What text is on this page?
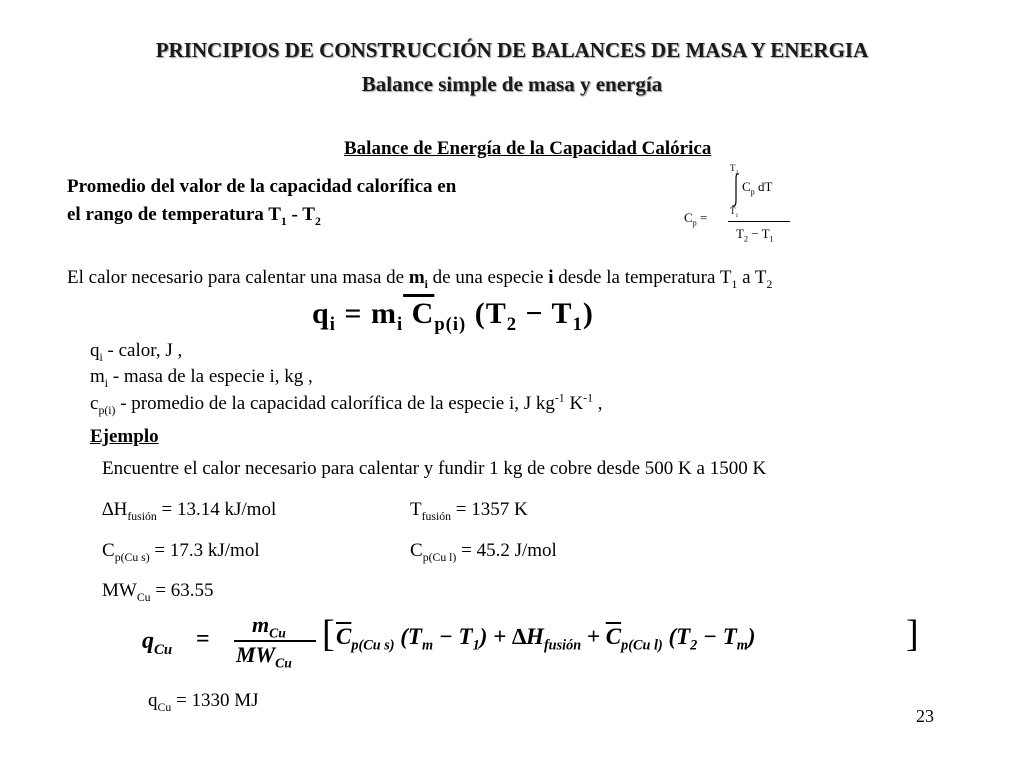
PRINCIPIOS DE CONSTRUCCIÓN DE BALANCES DE MASA Y ENERGIA
Balance simple de masa y energía
Balance de Energía de la Capacidad Calórica
Promedio del valor de la capacidad calorífica en
el rango de temperatura $T_1 - T_2$	$C_p$ =
$T_2$
$T_1$
$C_p$ dT
$T_2 - T_1$
El calor necesario para calentar una masa de $m_i$ de una especie i desde la temperatura $T_1$ a $T_2$
$q_i = m_i$ $C_{p(i)}$ $(T_2 - T_1)$
$q_i$ - calor, J ,
$m_i$ - masa de la especie i, kg ,
$c_{p(i)}$ - promedio de la capacidad calorífica de la especie i, J $kg^{-1}$ $K^{-1}$ ,
Ejemplo
Encuentre el calor necesario para calentar y fundir 1 kg de cobre desde 500 K a 1500 K
$\Delta H_{fusión} = 13.14$ kJ/mol	$T_{fusión} = 1357$ K
$C_{p(Cu s)} = 17.3$ kJ/mol	$C_{p(Cu l)} = 45.2$ J/mol
$MW_{Cu} = 63.55$
$q_{Cu}$ =
$m_{Cu}$
$MW_{Cu}$
[ $\overline{C}_{p(Cu s)}$ $(T_m - T_1) + \Delta H_{fusión} + \overline{C}_{p(Cu l)}$ $(T_2 - T_m)$	]
$q_{Cu} = 1330$ MJ
23
